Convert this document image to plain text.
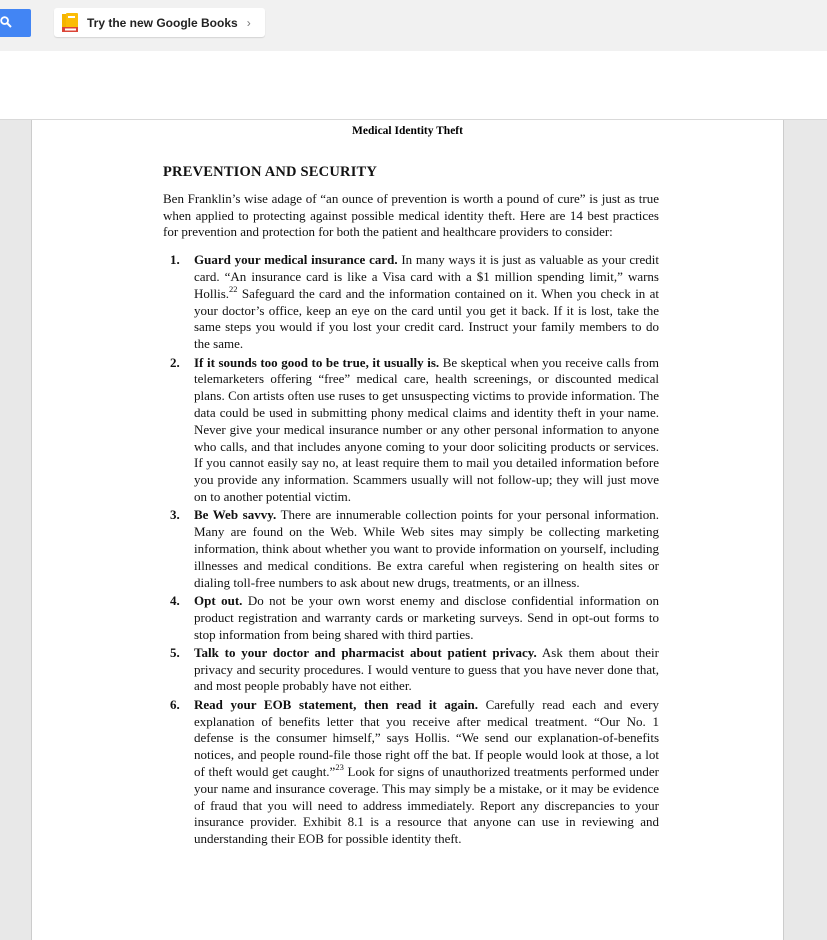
Try the new Google Books ›
Medical Identity Theft
PREVENTION AND SECURITY

Ben Franklin’s wise adage of “an ounce of prevention is worth a pound of cure” is just as true when applied to protecting against possible medical identity theft. Here are 14 best practices for prevention and protection for both the patient and healthcare providers to consider:

1. Guard your medical insurance card. In many ways it is just as valuable as your credit card. “An insurance card is like a Visa card with a $1 million spending limit,” warns Hollis.$^{22}$ Safeguard the card and the information contained on it. When you check in at your doctor’s office, keep an eye on the card until you get it back. If it is lost, take the same steps you would if you lost your credit card. Instruct your family members to do the same.
2. If it sounds too good to be true, it usually is. Be skeptical when you receive calls from telemarketers offering “free” medical care, health screenings, or discounted medical plans. Con artists often use ruses to get unsuspecting victims to provide information. The data could be used in submitting phony medical claims and identity theft in your name. Never give your medical insurance number or any other personal information to anyone who calls, and that includes anyone coming to your door soliciting products or services. If you cannot easily say no, at least require them to mail you detailed information before you provide any information. Scammers usually will not follow-up; they will just move on to another potential victim.
3. Be Web savvy. There are innumerable collection points for your personal information. Many are found on the Web. While Web sites may simply be collecting marketing information, think about whether you want to provide information on yourself, including illnesses and medical conditions. Be extra careful when registering on health sites or dialing toll-free numbers to ask about new drugs, treatments, or an illness.
4. Opt out. Do not be your own worst enemy and disclose confidential information on product registration and warranty cards or marketing surveys. Send in opt-out forms to stop information from being shared with third parties.
5. Talk to your doctor and pharmacist about patient privacy. Ask them about their privacy and security procedures. I would venture to guess that you have never done that, and most people probably have not either.
6. Read your EOB statement, then read it again. Carefully read each and every explanation of benefits letter that you receive after medical treatment. “Our No. 1 defense is the consumer himself,” says Hollis. “We send our explanation-of-benefits notices, and people round-file those right off the bat. If people would look at those, a lot of theft would get caught.”$^{23}$ Look for signs of unauthorized treatments performed under your name and insurance coverage. This may simply be a mistake, or it may be evidence of fraud that you will need to address immediately. Report any discrepancies to your insurance provider. Exhibit 8.1 is a resource that anyone can use in reviewing and understanding their EOB for possible identity theft.
